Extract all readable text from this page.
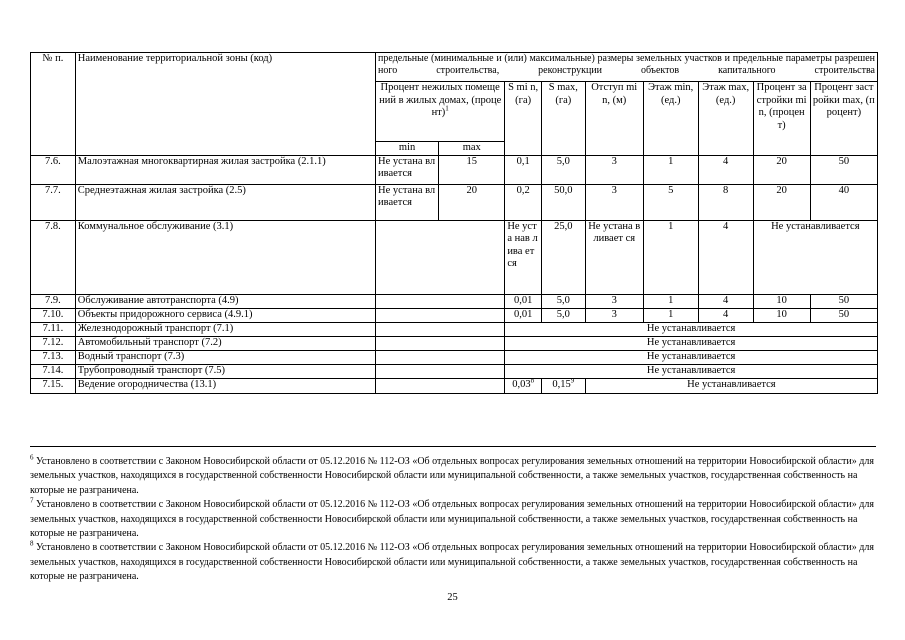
№ п.	Наименование территориальной зоны (код)	предельные (минимальные и (или) максимальные) размеры земельных участков и предельные параметры разрешенного строительства, реконструкции объектов капитального строительства								
		Процент нежилых помещений в жилых домах, (процент)$^1$		S mi n, (га)	S max, (га)	Отступ min, (м)	Этаж min, (ед.)	Этаж max, (ед.)	Процент застройки min, (процент)	Процент застройки max, (процент)
		min	max							
7.6.	Малоэтажная многоквартирная жилая застройка (2.1.1)	Не устана вливается	15	0,1	5,0	3	1	4	20	50
7.7.	Среднеэтажная жилая застройка (2.5)	Не устана вливается	20	0,2	50,0	3	5	8	20	40
7.8.	Коммунальное обслуживание (3.1)			Не уста нав лива ется	25,0	Не устана вливает ся	1	4	Не устанавливается	
7.9.	Обслуживание автотранспорта (4.9)			0,01	5,0	3	1	4	10	50
7.10.	Объекты придорожного сервиса (4.9.1)			0,01	5,0	3	1	4	10	50
7.11.	Железнодорожный транспорт (7.1)			Не устанавливается						
7.12.	Автомобильный транспорт (7.2)			Не устанавливается						
7.13.	Водный транспорт (7.3)			Не устанавливается						
7.14.	Трубопроводный транспорт (7.5)			Не устанавливается						
7.15.	Ведение огородничества (13.1)			0,03$^8$	0,15$^9$	Не устанавливается				

$^6$ Установлено в соответствии с Законом Новосибирской области от 05.12.2016 № 112-ОЗ «Об отдельных вопросах регулирования земельных отношений на территории Новосибирской области» для земельных участков, находящихся в государственной собственности Новосибирской области или муниципальной собственности, а также земельных участков, государственная собственность на которые не разграничена.

$^7$ Установлено в соответствии с Законом Новосибирской области от 05.12.2016 № 112-ОЗ «Об отдельных вопросах регулирования земельных отношений на территории Новосибирской области» для земельных участков, находящихся в государственной собственности Новосибирской области или муниципальной собственности, а также земельных участков, государственная собственность на которые не разграничена.

$^8$ Установлено в соответствии с Законом Новосибирской области от 05.12.2016 № 112-ОЗ «Об отдельных вопросах регулирования земельных отношений на территории Новосибирской области» для земельных участков, находящихся в государственной собственности Новосибирской области или муниципальной собственности, а также земельных участков, государственная собственность на которые не разграничена.

25
